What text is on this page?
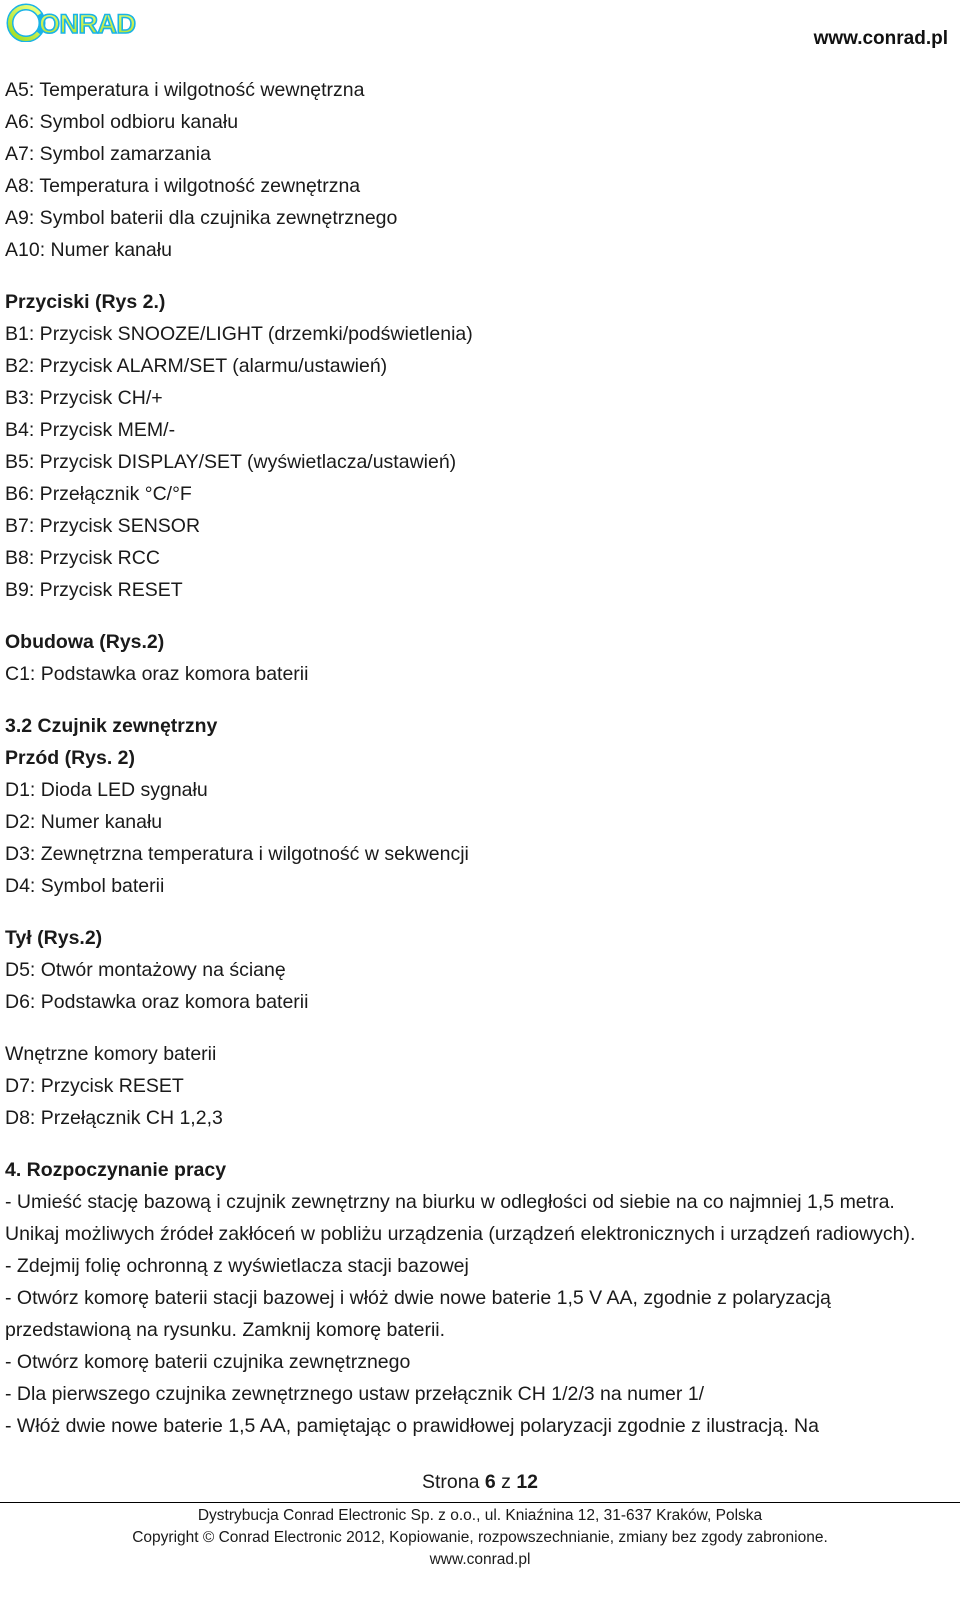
ONRAD	www.conrad.pl
A5: Temperatura i wilgotność wewnętrzna
A6: Symbol odbioru kanału
A7: Symbol zamarzania
A8: Temperatura i wilgotność zewnętrzna
A9: Symbol baterii dla czujnika zewnętrznego
A10: Numer kanału
Przyciski (Rys 2.)
B1: Przycisk SNOOZE/LIGHT (drzemki/podświetlenia)
B2: Przycisk ALARM/SET (alarmu/ustawień)
B3: Przycisk CH/+
B4: Przycisk MEM/-
B5: Przycisk DISPLAY/SET (wyświetlacza/ustawień)
B6: Przełącznik °C/°F
B7: Przycisk SENSOR
B8: Przycisk RCC
B9: Przycisk RESET
Obudowa (Rys.2)
C1: Podstawka oraz komora baterii
3.2 Czujnik zewnętrzny
Przód (Rys. 2)
D1: Dioda LED sygnału
D2: Numer kanału
D3: Zewnętrzna temperatura i wilgotność w sekwencji
D4: Symbol baterii
Tył (Rys.2)
D5: Otwór montażowy na ścianę
D6: Podstawka oraz komora baterii
Wnętrzne komory baterii
D7: Przycisk RESET
D8: Przełącznik CH 1,2,3
4. Rozpoczynanie pracy
- Umieść stację bazową i czujnik zewnętrzny na biurku w odległości od siebie na co najmniej 1,5 metra. Unikaj możliwych źródeł zakłóceń w pobliżu urządzenia (urządzeń elektronicznych i urządzeń radiowych).
- Zdejmij folię ochronną z wyświetlacza stacji bazowej
- Otwórz komorę baterii stacji bazowej i włóż dwie nowe baterie 1,5 V AA, zgodnie z polaryzacją przedstawioną na rysunku. Zamknij komorę baterii.
- Otwórz komorę baterii czujnika zewnętrznego
- Dla pierwszego czujnika zewnętrznego ustaw przełącznik CH 1/2/3 na numer 1/
- Włóż dwie nowe baterie 1,5 AA, pamiętając o prawidłowej polaryzacji zgodnie z ilustracją. Na
Strona 6 z 12
Dystrybucja Conrad Electronic Sp. z o.o., ul. Kniaźnina 12, 31-637 Kraków, Polska
Copyright © Conrad Electronic 2012, Kopiowanie, rozpowszechnianie, zmiany bez zgody zabronione.
www.conrad.pl
